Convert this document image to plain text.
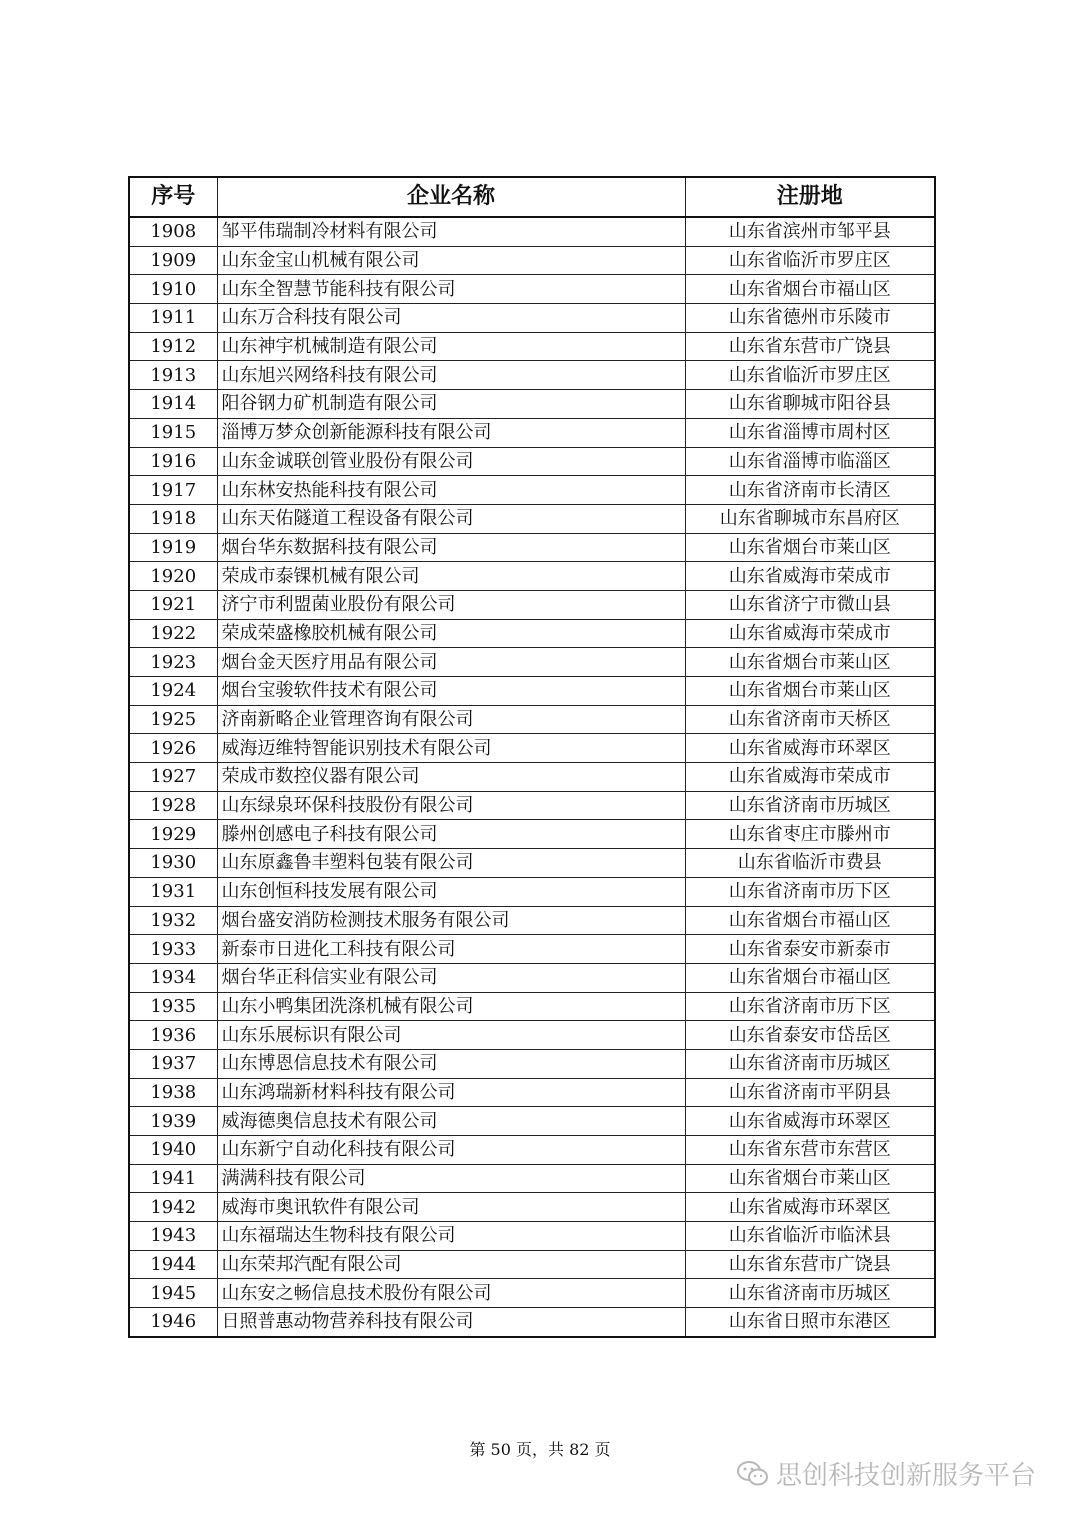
序号	企业名称	注册地
1908	邹平伟瑞制冷材料有限公司	山东省滨州市邹平县
1909	山东金宝山机械有限公司	山东省临沂市罗庄区
1910	山东全智慧节能科技有限公司	山东省烟台市福山区
1911	山东万合科技有限公司	山东省德州市乐陵市
1912	山东神宇机械制造有限公司	山东省东营市广饶县
1913	山东旭兴网络科技有限公司	山东省临沂市罗庄区
1914	阳谷钢力矿机制造有限公司	山东省聊城市阳谷县
1915	淄博万梦众创新能源科技有限公司	山东省淄博市周村区
1916	山东金诚联创管业股份有限公司	山东省淄博市临淄区
1917	山东林安热能科技有限公司	山东省济南市长清区
1918	山东天佑隧道工程设备有限公司	山东省聊城市东昌府区
1919	烟台华东数据科技有限公司	山东省烟台市莱山区
1920	荣成市泰锞机械有限公司	山东省威海市荣成市
1921	济宁市利盟菌业股份有限公司	山东省济宁市微山县
1922	荣成荣盛橡胶机械有限公司	山东省威海市荣成市
1923	烟台金天医疗用品有限公司	山东省烟台市莱山区
1924	烟台宝骏软件技术有限公司	山东省烟台市莱山区
1925	济南新略企业管理咨询有限公司	山东省济南市天桥区
1926	威海迈维特智能识别技术有限公司	山东省威海市环翠区
1927	荣成市数控仪器有限公司	山东省威海市荣成市
1928	山东绿泉环保科技股份有限公司	山东省济南市历城区
1929	滕州创感电子科技有限公司	山东省枣庄市滕州市
1930	山东原鑫鲁丰塑料包装有限公司	山东省临沂市费县
1931	山东创恒科技发展有限公司	山东省济南市历下区
1932	烟台盛安消防检测技术服务有限公司	山东省烟台市福山区
1933	新泰市日进化工科技有限公司	山东省泰安市新泰市
1934	烟台华正科信实业有限公司	山东省烟台市福山区
1935	山东小鸭集团洗涤机械有限公司	山东省济南市历下区
1936	山东乐展标识有限公司	山东省泰安市岱岳区
1937	山东博恩信息技术有限公司	山东省济南市历城区
1938	山东鸿瑞新材料科技有限公司	山东省济南市平阴县
1939	威海德奥信息技术有限公司	山东省威海市环翠区
1940	山东新宁自动化科技有限公司	山东省东营市东营区
1941	满满科技有限公司	山东省烟台市莱山区
1942	威海市奥讯软件有限公司	山东省威海市环翠区
1943	山东福瑞达生物科技有限公司	山东省临沂市临沭县
1944	山东荣邦汽配有限公司	山东省东营市广饶县
1945	山东安之畅信息技术股份有限公司	山东省济南市历城区
1946	日照普惠动物营养科技有限公司	山东省日照市东港区
第 50 页，共 82 页
思创科技创新服务平台
